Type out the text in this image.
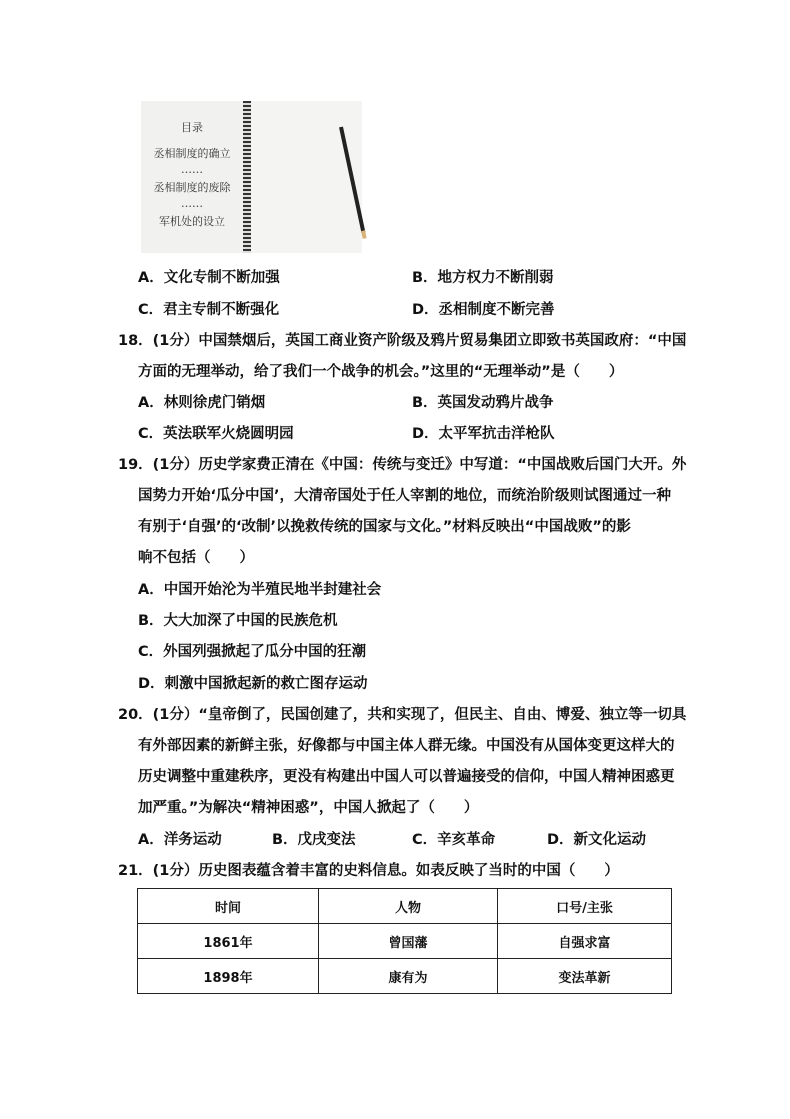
目录
丞相制度的确立
……
丞相制度的废除
……
军机处的设立
A．文化专制不断加强	B．地方权力不断削弱
C．君主专制不断强化	D．丞相制度不断完善
18．(1分）中国禁烟后，英国工商业资产阶级及鸦片贸易集团立即致书英国政府：“中国
方面的无理举动，给了我们一个战争的机会。”这里的“无理举动”是（　　）
A．林则徐虎门销烟	B．英国发动鸦片战争
C．英法联军火烧圆明园	D．太平军抗击洋枪队
19．(1分）历史学家费正清在《中国：传统与变迁》中写道：“中国战败后国门大开。外
国势力开始‘瓜分中国’，大清帝国处于任人宰割的地位，而统治阶级则试图通过一种
有别于‘自强’的‘改制’以挽救传统的国家与文化。”材料反映出“中国战败”的影
响不包括（　　）
A．中国开始沦为半殖民地半封建社会
B．大大加深了中国的民族危机
C．外国列强掀起了瓜分中国的狂潮
D．刺激中国掀起新的救亡图存运动
20．(1分）“皇帝倒了，民国创建了，共和实现了，但民主、自由、博爱、独立等一切具
有外部因素的新鲜主张，好像都与中国主体人群无缘。中国没有从国体变更这样大的
历史调整中重建秩序，更没有构建出中国人可以普遍接受的信仰，中国人精神困惑更
加严重。”为解决“精神困惑”，中国人掀起了（　　）
A．洋务运动	B．戊戌变法	C．辛亥革命	D．新文化运动
21．(1分）历史图表蕴含着丰富的史料信息。如表反映了当时的中国（　　）
时间	人物	口号/主张
1861年	曾国藩	自强求富
1898年	康有为	变法革新
